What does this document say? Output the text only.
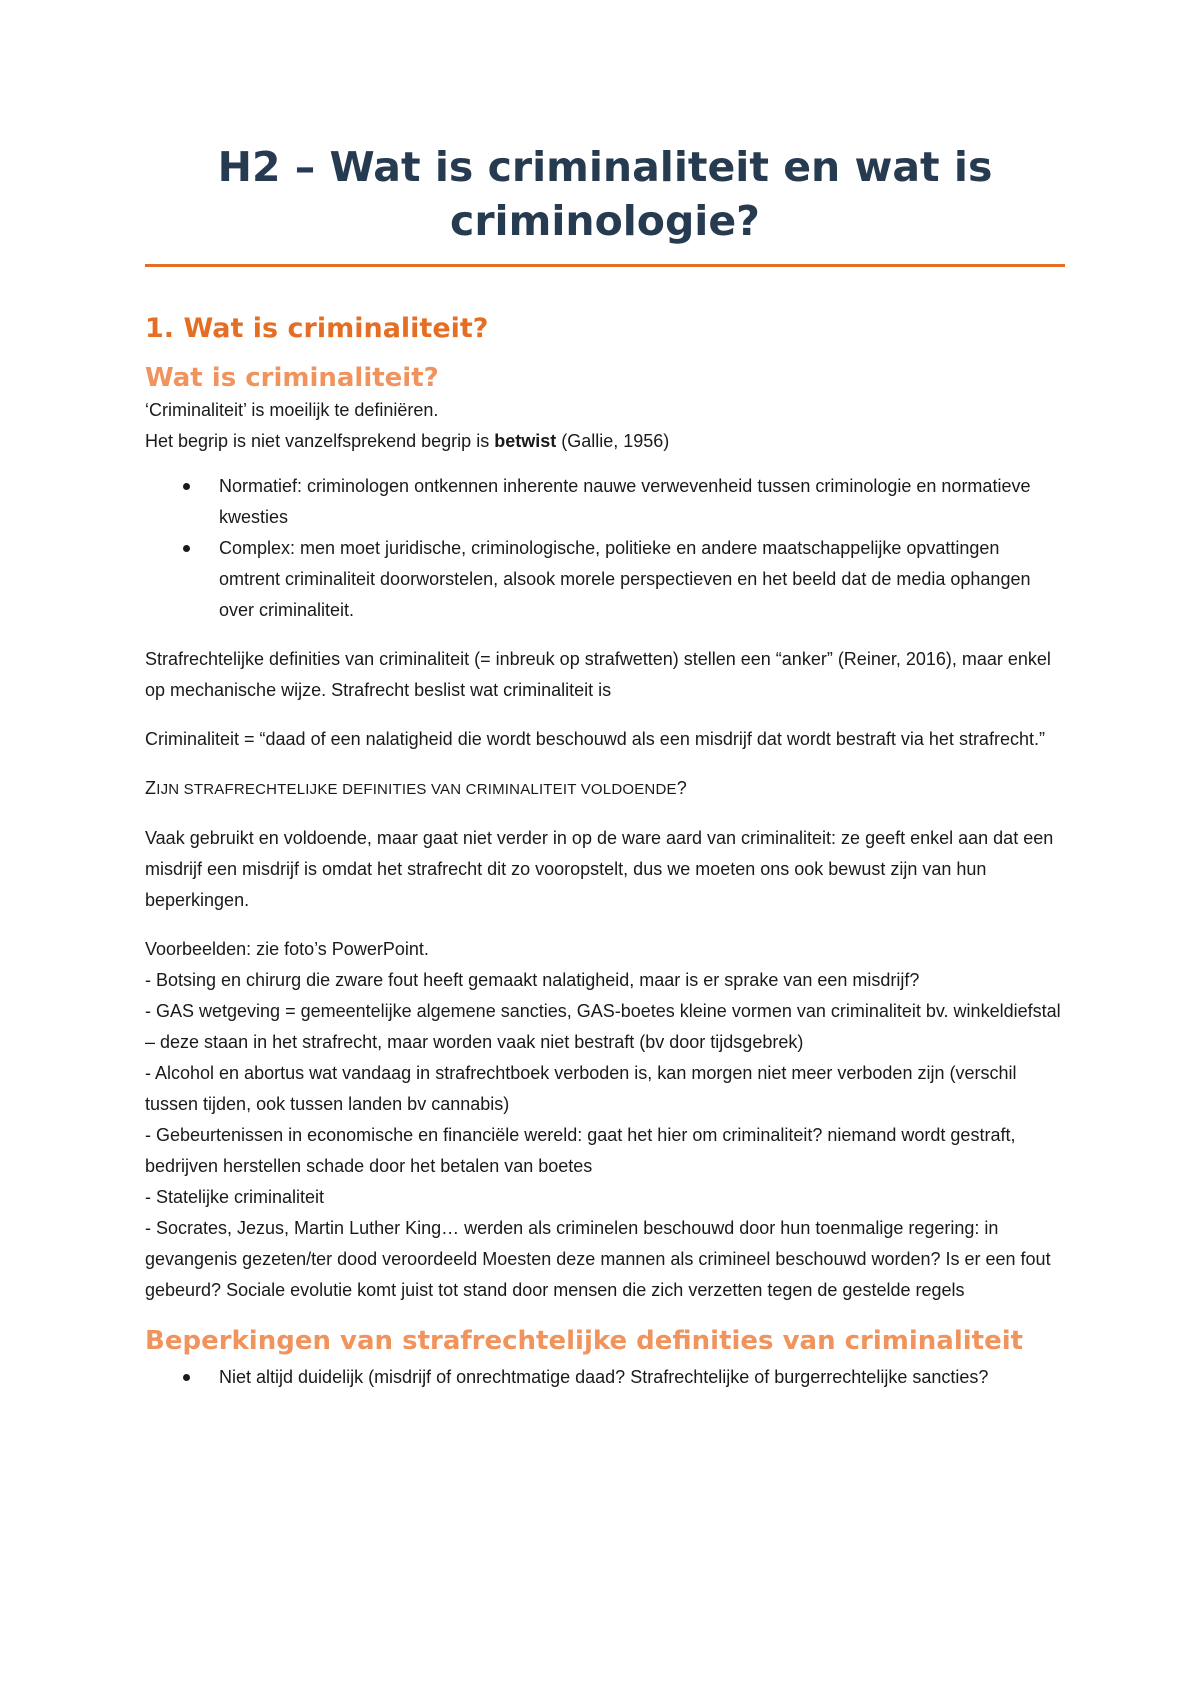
H2 – Wat is criminaliteit en wat is criminologie?
1. Wat is criminaliteit?
Wat is criminaliteit?

‘Criminaliteit’ is moeilijk te definiëren.

Het begrip is niet vanzelfsprekend begrip is betwist (Gallie, 1956)

Normatief: criminologen ontkennen inherente nauwe verwevenheid tussen criminologie en normatieve kwesties
Complex: men moet juridische, criminologische, politieke en andere maatschappelijke opvattingen omtrent criminaliteit doorworstelen, alsook morele perspectieven en het beeld dat de media ophangen over criminaliteit.

Strafrechtelijke definities van criminaliteit (= inbreuk op strafwetten) stellen een “anker” (Reiner, 2016), maar enkel op mechanische wijze. Strafrecht beslist wat criminaliteit is

Criminaliteit = “daad of een nalatigheid die wordt beschouwd als een misdrijf dat wordt bestraft via het strafrecht.”

ZIJN STRAFRECHTELIJKE DEFINITIES VAN CRIMINALITEIT VOLDOENDE?

Vaak gebruikt en voldoende, maar gaat niet verder in op de ware aard van criminaliteit: ze geeft enkel aan dat een misdrijf een misdrijf is omdat het strafrecht dit zo vooropstelt, dus we moeten ons ook bewust zijn van hun beperkingen.

Voorbeelden: zie foto’s PowerPoint.

- Botsing en chirurg die zware fout heeft gemaakt nalatigheid, maar is er sprake van een misdrijf?

- GAS wetgeving = gemeentelijke algemene sancties, GAS-boetes kleine vormen van criminaliteit bv. winkeldiefstal – deze staan in het strafrecht, maar worden vaak niet bestraft (bv door tijdsgebrek)

- Alcohol en abortus wat vandaag in strafrechtboek verboden is, kan morgen niet meer verboden zijn (verschil tussen tijden, ook tussen landen bv cannabis)

- Gebeurtenissen in economische en financiële wereld: gaat het hier om criminaliteit? niemand wordt gestraft, bedrijven herstellen schade door het betalen van boetes

- Statelijke criminaliteit

- Socrates, Jezus, Martin Luther King… werden als criminelen beschouwd door hun toenmalige regering: in gevangenis gezeten/ter dood veroordeeld Moesten deze mannen als crimineel beschouwd worden? Is er een fout gebeurd? Sociale evolutie komt juist tot stand door mensen die zich verzetten tegen de gestelde regels

Beperkingen van strafrechtelijke definities van criminaliteit
Niet altijd duidelijk (misdrijf of onrechtmatige daad? Strafrechtelijke of burgerrechtelijke sancties?
